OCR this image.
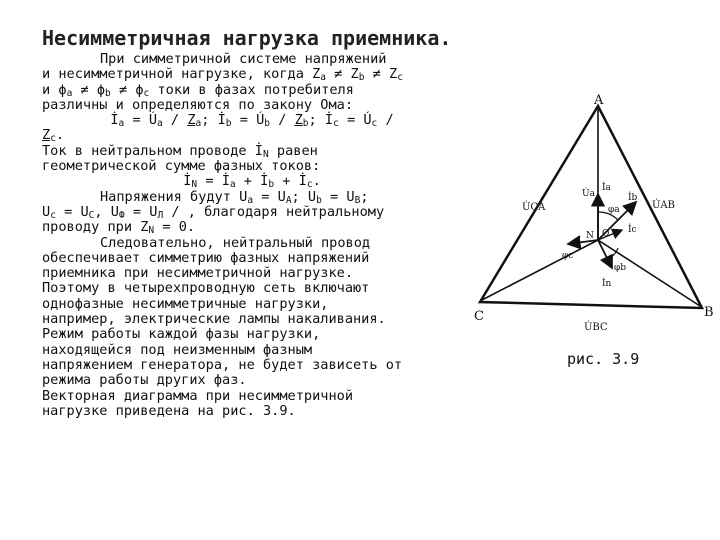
Несимметричная нагрузка приемника.

При симметричной системе напряжений

и несимметричной нагрузке, когда $Z_a \ne Z_b \ne Z_c$

и $\phi_a \ne \phi_b \ne \phi_c$ токи в фазах потребителя

различны и определяются по закону Ома:

$İ_a$ = $Ú_a / Z_a$; $İ_b$ = $Ú_b / Z_b$; $İ_c$ = $Ú_c$ /

$Z_c$.

Ток в нейтральном проводе $İ_N$ равен

геометрической сумме фазных токов:

$İ_N$ = $İ_a$ + $İ_b$ + $İ_c$.

Напряжения будут $U_a = U_A$; $U_b = U_B$;

$U_c = U_C$, $U_Ф = U_Л$ / , благодаря нейтральному

проводу при $Z_N = 0$.

Следовательно, нейтральный провод

обеспечивает симметрию фазных напряжений

приемника при несимметричной нагрузке.

Поэтому в четырехпроводную сеть включают

однофазные несимметричные нагрузки,

например, электрические лампы накаливания.

Режим работы каждой фазы нагрузки,

находящейся под неизменным фазным

напряжением генератора, не будет зависеть от

режима работы других фаз.

Векторная диаграмма при несимметричной

нагрузке приведена на рис. 3.9.

A
B
C
U̇CA	U̇AB
U̇BC
U̇a
İa
İb
İc
İn
φa
φb
φc
N O
рис. 3.9
